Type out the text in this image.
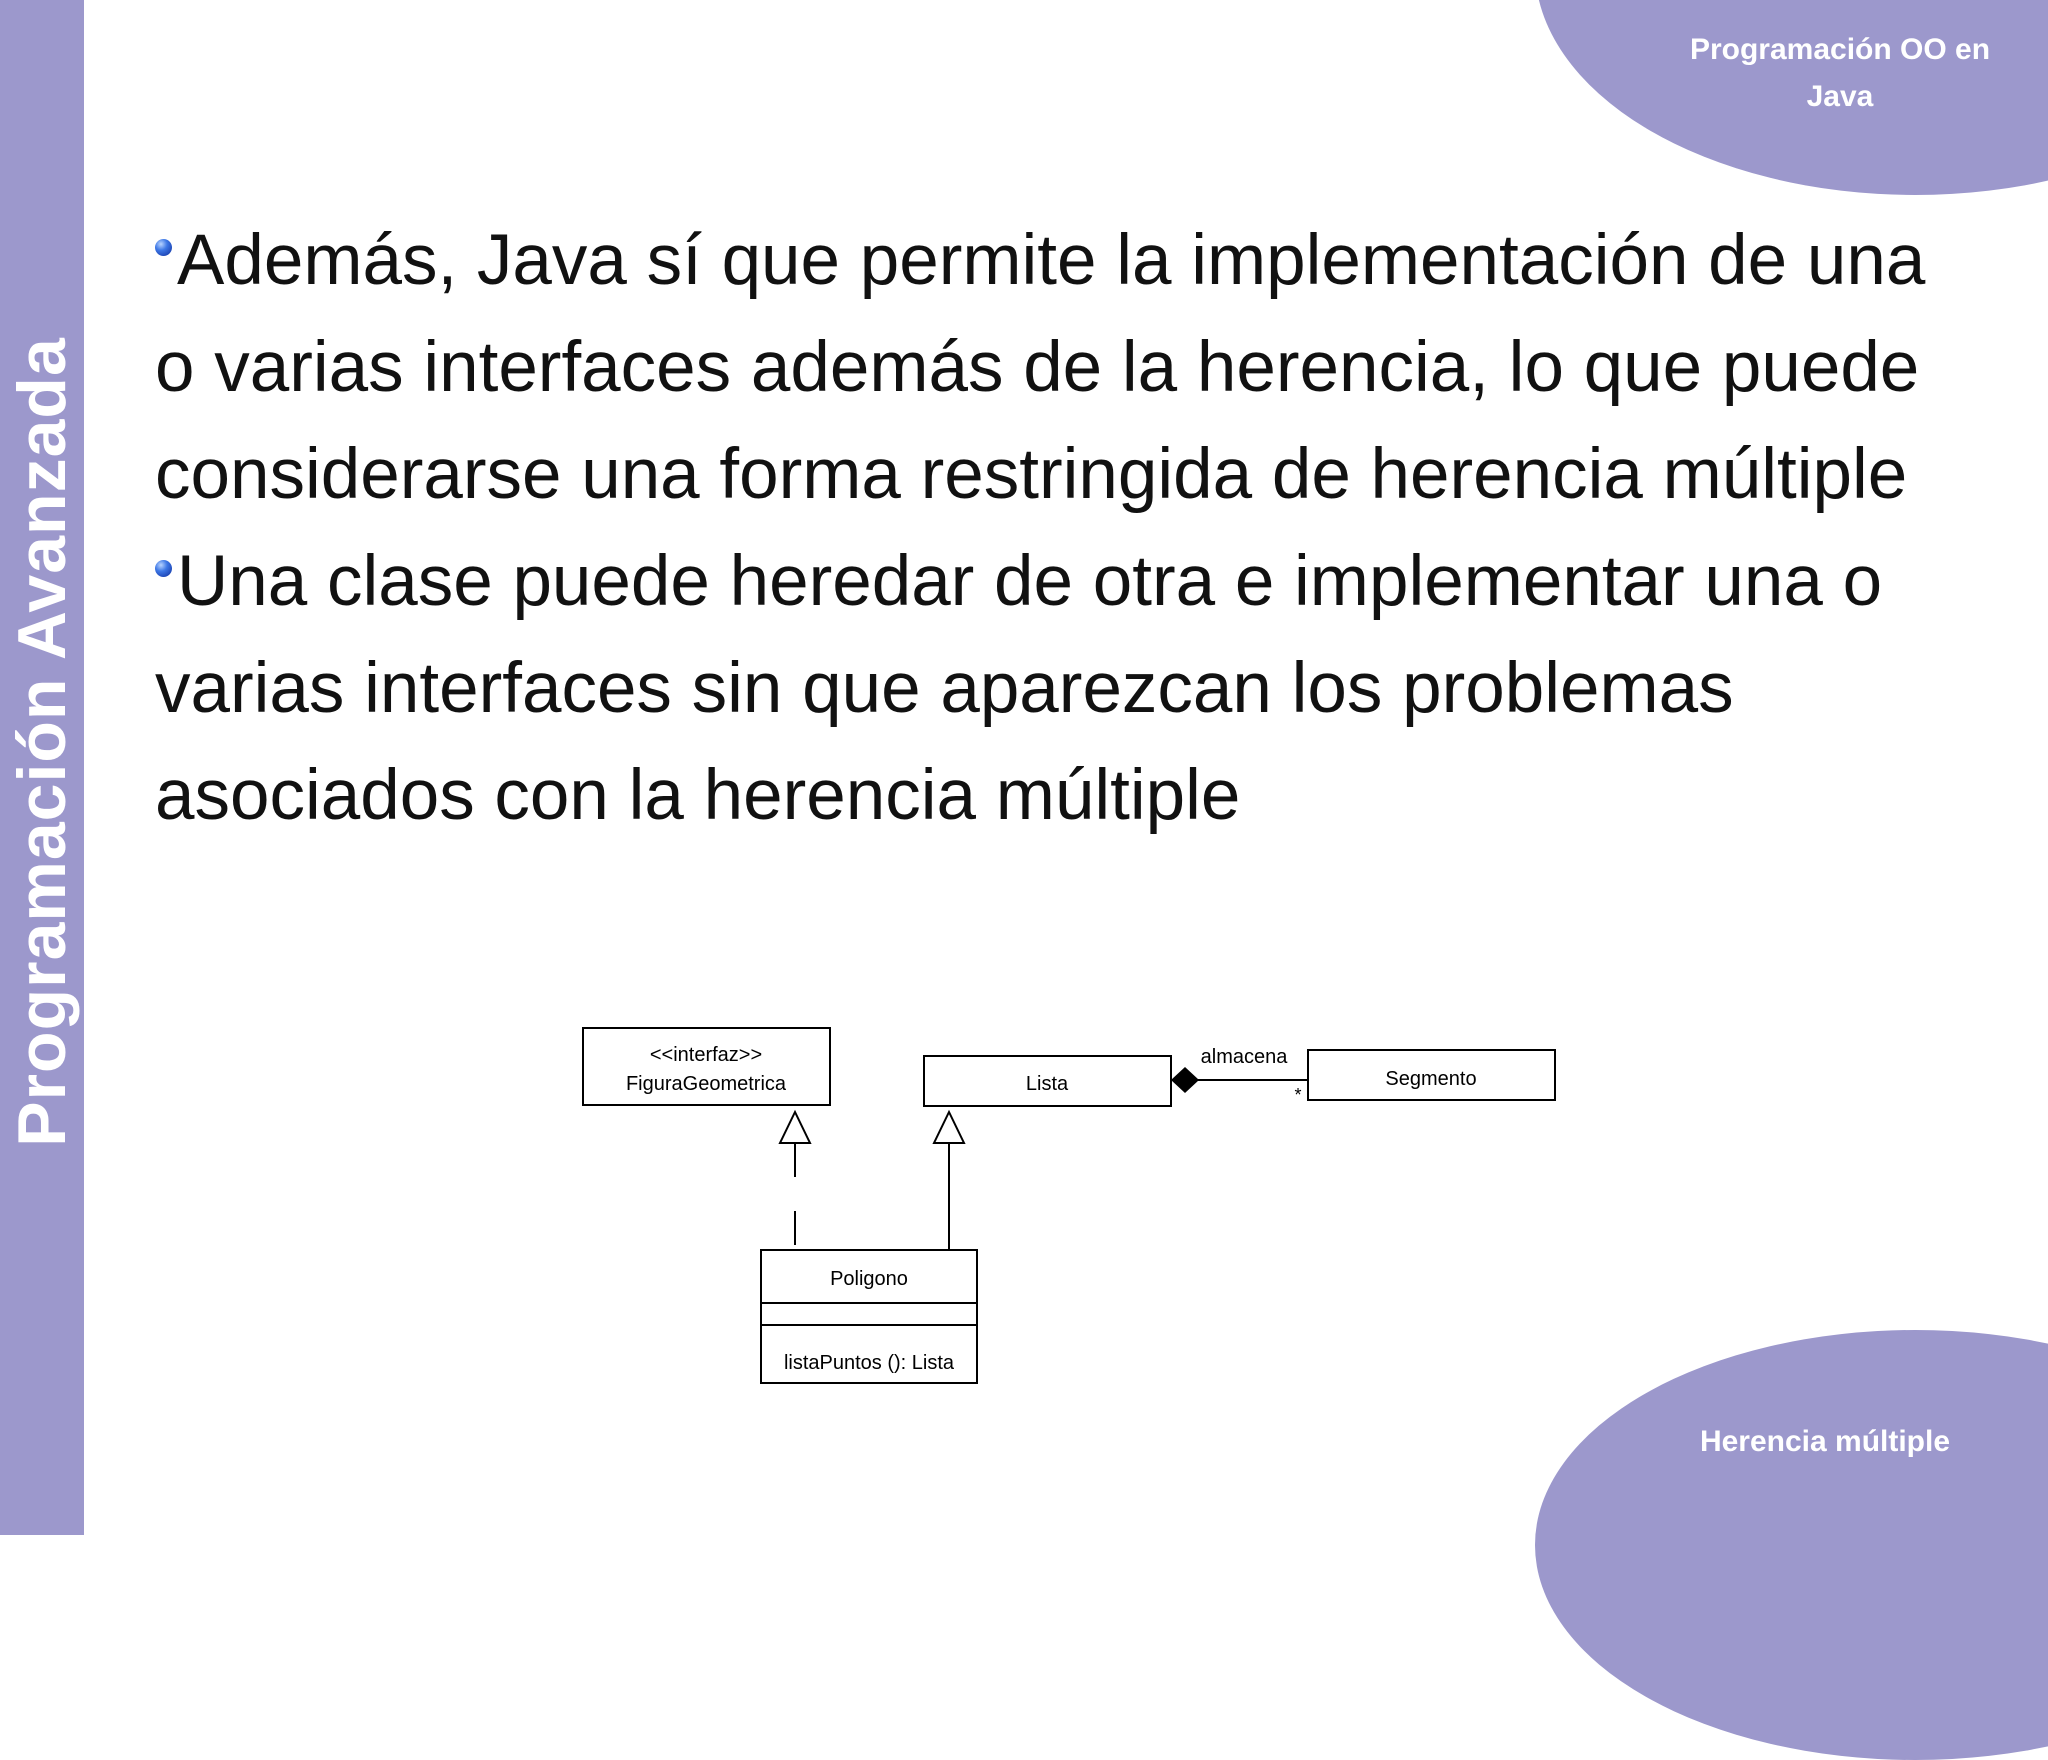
Programación Avanzada
Programación OO en
Java
Herencia múltiple

Además, Java sí que permite la implementación de una o varias interfaces además de la herencia, lo que puede considerarse una forma restringida de herencia múltiple

Una clase puede heredar de otra e implementar una o varias interfaces sin que aparezcan los problemas asociados con la herencia múltiple

<<interfaz>>
FiguraGeometrica	Lista	Segmento
almacena
*
Poligono
listaPuntos (): Lista
